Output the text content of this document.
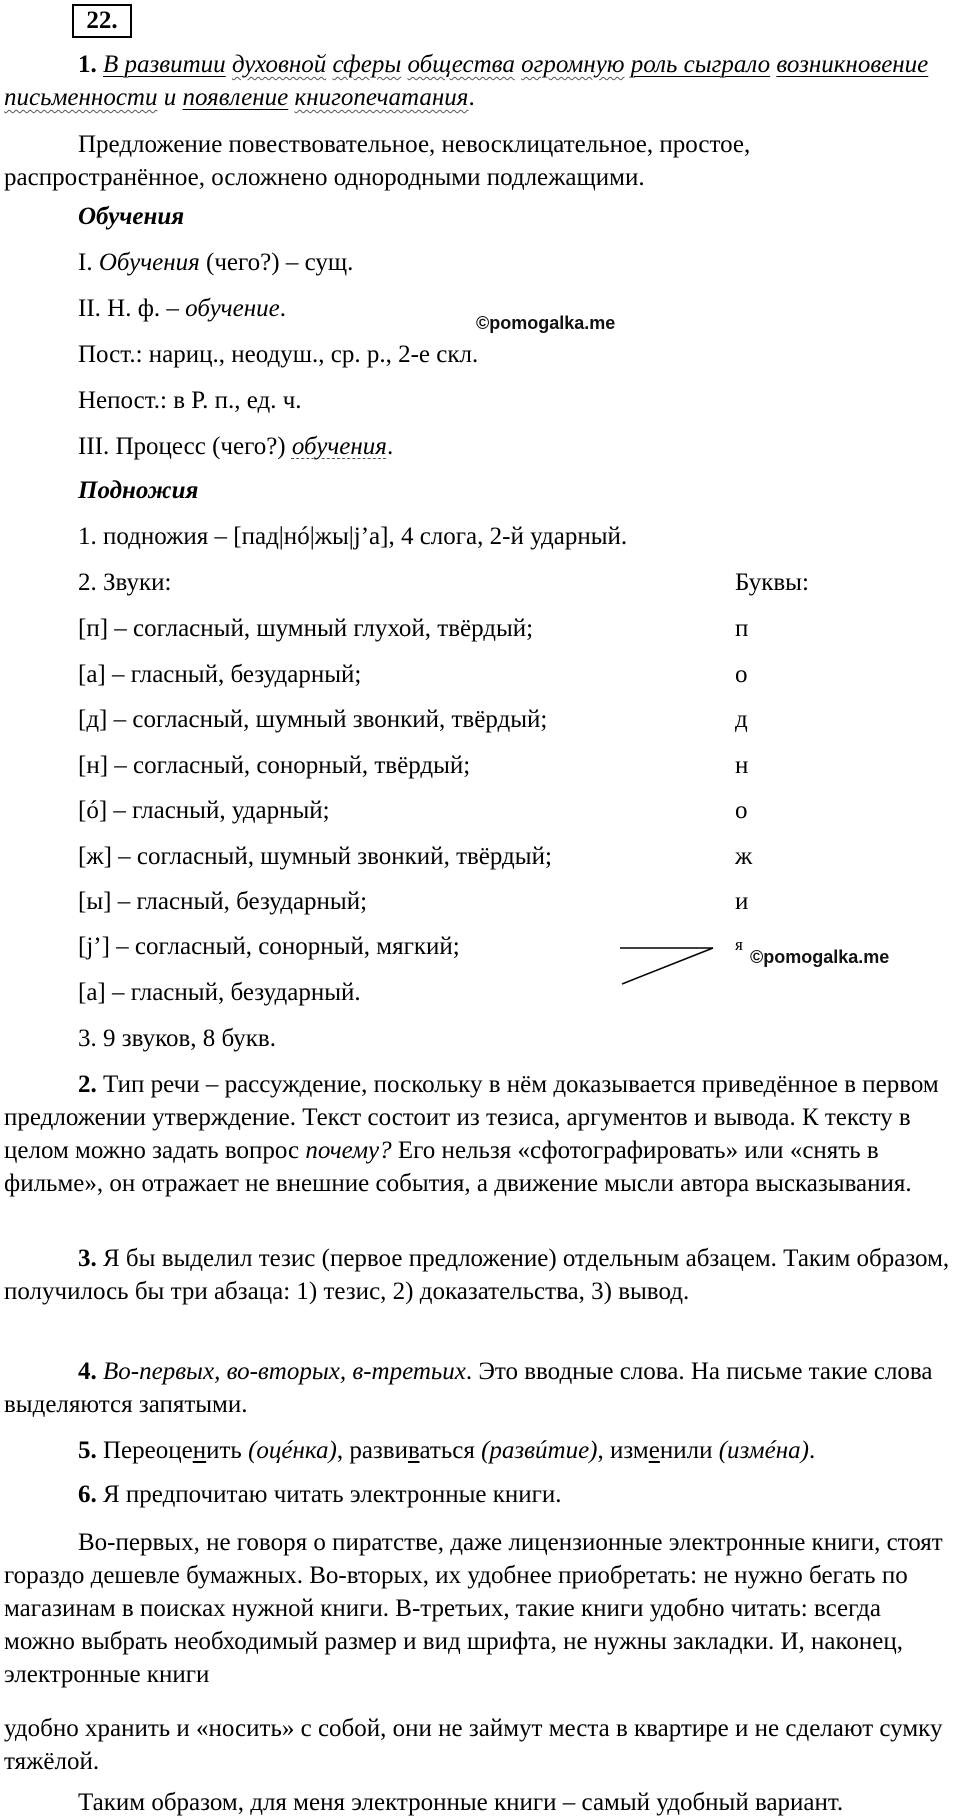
22.

1. В развитии духовной сферы общества огромную роль сыграло возникновение письменности и появление книгопечатания.

Предложение повествовательное, невосклицательное, простое, распространённое, осложнено однородными подлежащими.

Обучения
I. Обучения (чего?) – сущ.
II. Н. ф. – обучение.
©pomogalka.me
Пост.: нариц., неодуш., ср. р., 2-е скл.
Непост.: в Р. п., ед. ч.
III. Процесс (чего?) обучения.
Подножия
1. подножия – [пад|нó|жы|j’а], 4 слога, 2-й ударный.
2. Звуки:	Буквы:
[п] – согласный, шумный глухой, твёрдый;	п
[а] – гласный, безударный;	о
[д] – согласный, шумный звонкий, твёрдый;	д
[н] – согласный, сонорный, твёрдый;	н
[ó] – гласный, ударный;	о
[ж] – согласный, шумный звонкий, твёрдый;	ж
[ы] – гласный, безударный;	и
[j’] – согласный, сонорный, мягкий;	я
©pomogalka.me
[а] – гласный, безударный.
3. 9 звуков, 8 букв.

2. Тип речи – рассуждение, поскольку в нём доказывается приведённое в первом предложении утверждение. Текст состоит из тезиса, аргументов и вывода. К тексту в целом можно задать вопрос почему? Его нельзя «сфотографировать» или «снять в фильме», он отражает не внешние события, а движение мысли автора высказывания.

3. Я бы выделил тезис (первое предложение) отдельным абзацем. Таким образом, получилось бы три абзаца: 1) тезис, 2) доказательства, 3) вывод.

4. Во-первых, во-вторых, в-третьих. Это вводные слова. На письме такие слова выделяются запятыми.

5. Переоценить (оцéнка), развиваться (развúтие), изменили (измéна).

6. Я предпочитаю читать электронные книги.

Во-первых, не говоря о пиратстве, даже лицензионные электронные книги, стоят гораздо дешевле бумажных. Во-вторых, их удобнее приобретать: не нужно бегать по магазинам в поисках нужной книги. В-третьих, такие книги удобно читать: всегда можно выбрать необходимый размер и вид шрифта, не нужны закладки. И, наконец, электронные книги

удобно хранить и «носить» с собой, они не займут места в квартире и не сделают сумку тяжёлой.

Таким образом, для меня электронные книги – самый удобный вариант.
